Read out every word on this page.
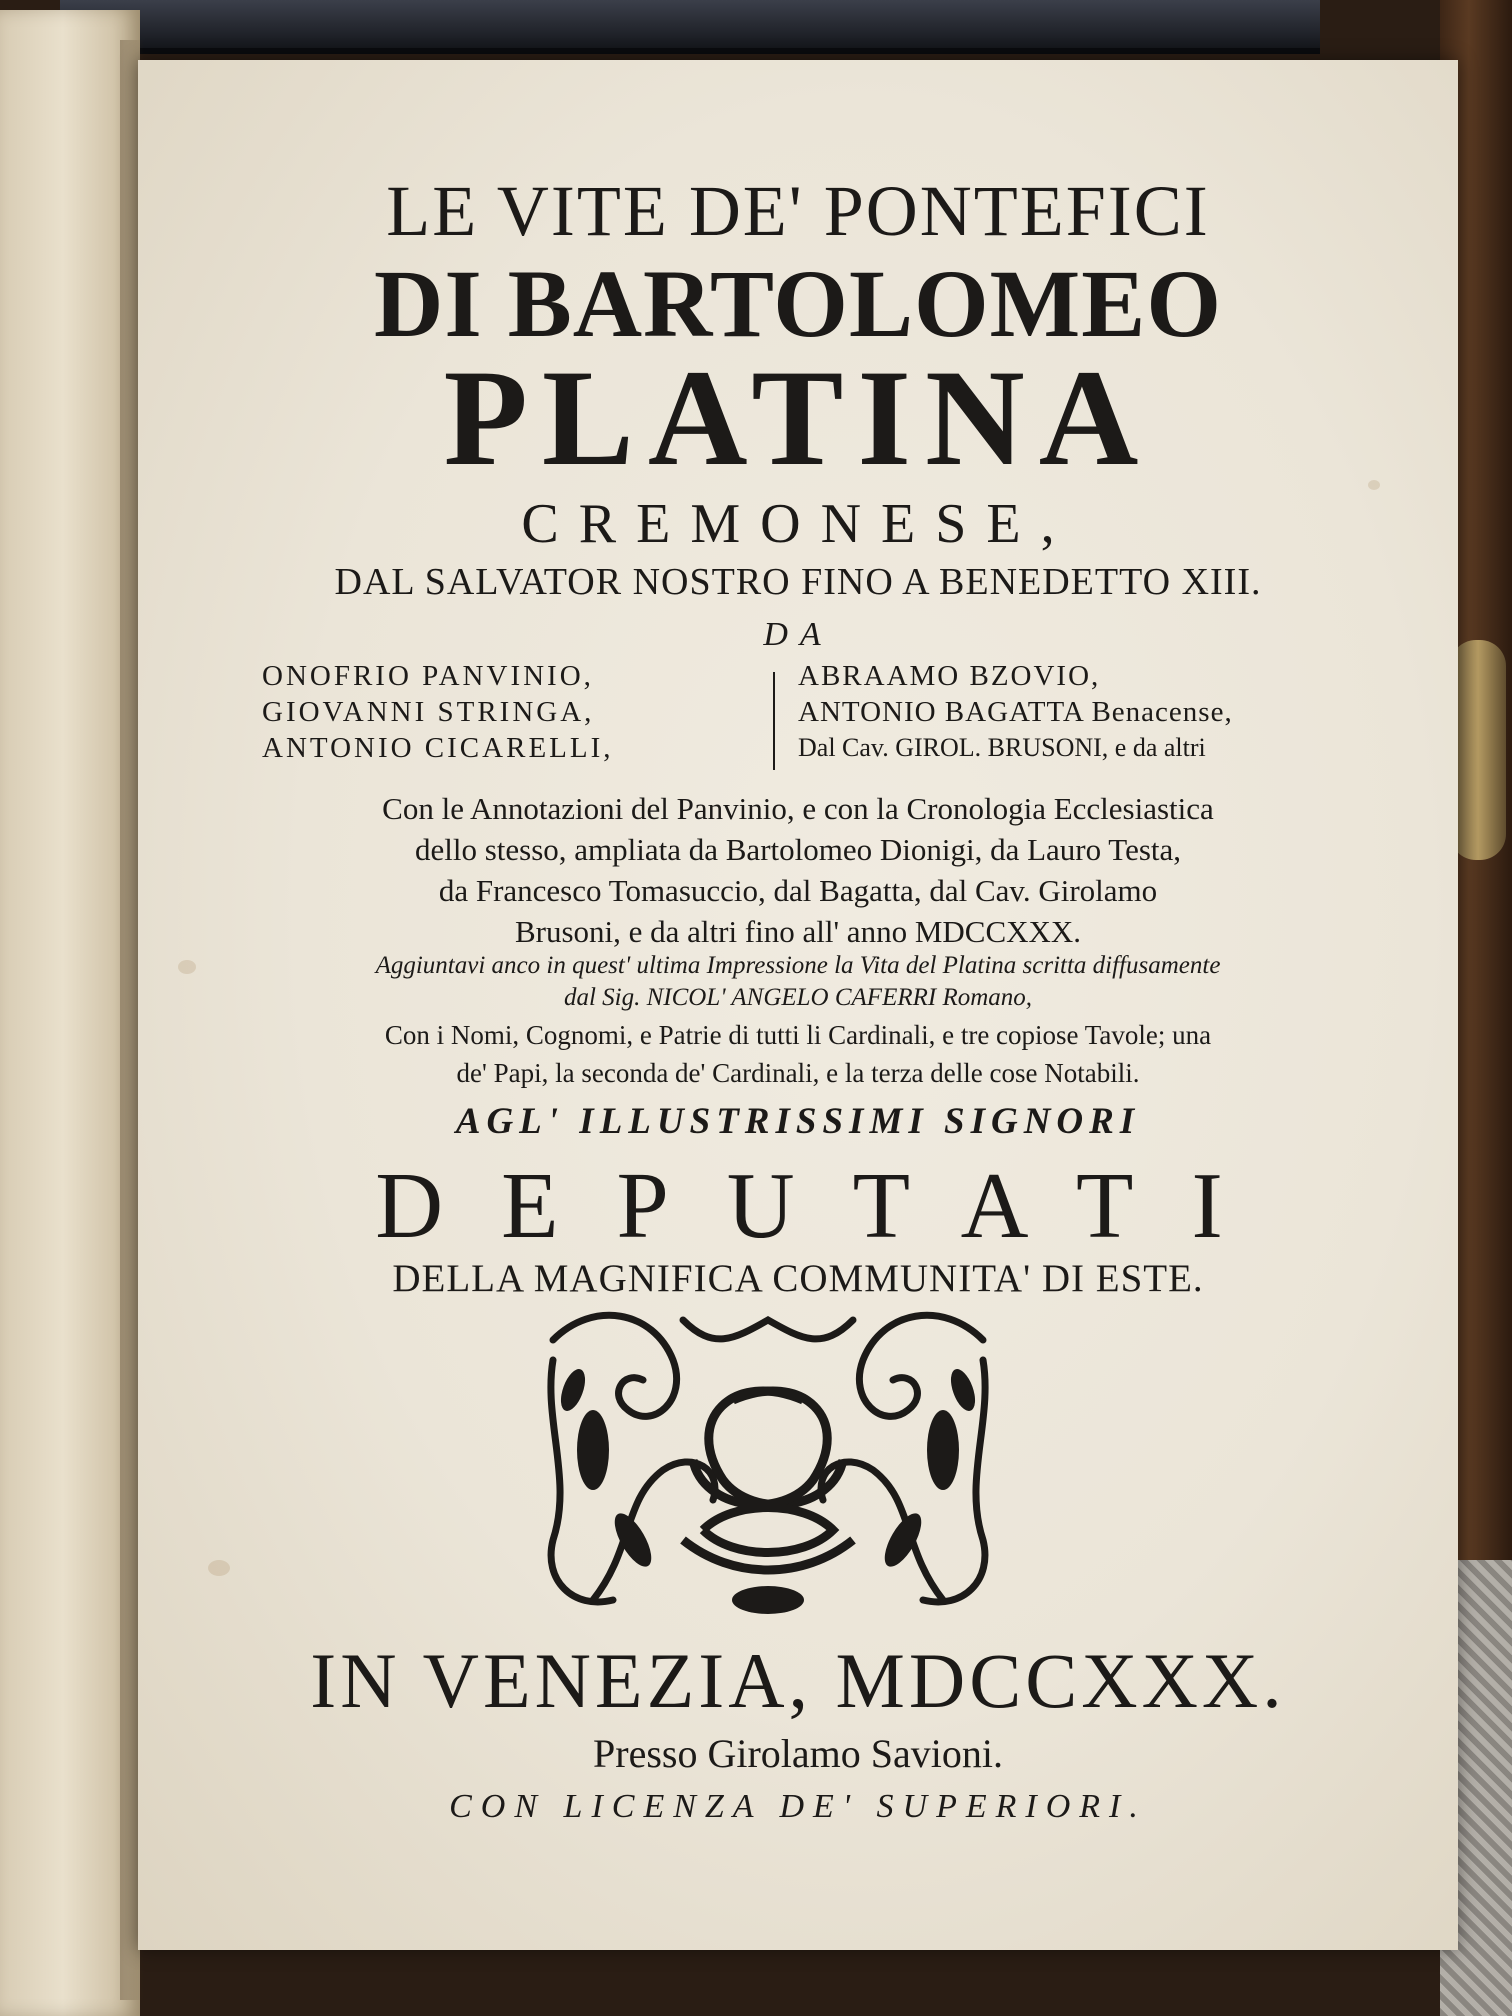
LE VITE DE' PONTEFICI
DI BARTOLOMEO
PLATINA
CREMONESE,
DAL SALVATOR NOSTRO FINO A BENEDETTO XIII.
DA
ONOFRIO PANVINIO,
GIOVANNI STRINGA,
ANTONIO CICARELLI,
ABRAAMO BZOVIO,
ANTONIO BAGATTA Benacense,
Dal Cav. GIROL. BRUSONI, e da altri
Con le Annotazioni del Panvinio, e con la Cronologia Ecclesiastica
dello stesso, ampliata da Bartolomeo Dionigi, da Lauro Testa,
da Francesco Tomasuccio, dal Bagatta, dal Cav. Girolamo
Brusoni, e da altri fino all' anno MDCCXXX.
Aggiuntavi anco in quest' ultima Impressione la Vita del Platina scritta diffusamente
dal Sig. NICOL' ANGELO CAFERRI Romano,
Con i Nomi, Cognomi, e Patrie di tutti li Cardinali, e tre copiose Tavole; una
de' Papi, la seconda de' Cardinali, e la terza delle cose Notabili.
AGL' ILLUSTRISSIMI SIGNORI
DEPUTATI
DELLA MAGNIFICA COMMUNITA' DI ESTE.
IN VENEZIA, MDCCXXX.
Presso Girolamo Savioni.
CON LICENZA DE' SUPERIORI.
